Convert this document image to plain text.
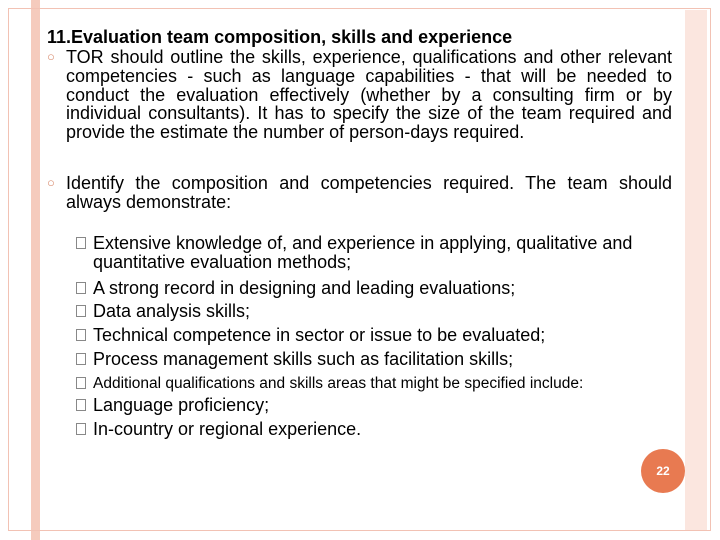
11.Evaluation team composition, skills and experience
○ TOR should outline the skills, experience, qualifications and other relevant competencies - such as language capabilities - that will be needed to conduct the evaluation effectively (whether by a consulting firm or by individual consultants). It has to specify the size of the team required and provide the estimate the number of person-days required.
○ Identify the composition and competencies required. The team should always demonstrate:
Extensive knowledge of, and experience in applying, qualitative and quantitative evaluation methods;
A strong record in designing and leading evaluations;
Data analysis skills;
Technical competence in sector or issue to be evaluated;
Process management skills such as facilitation skills;
Additional qualifications and skills areas that might be specified include:
Language proficiency;
In-country or regional experience.
22
